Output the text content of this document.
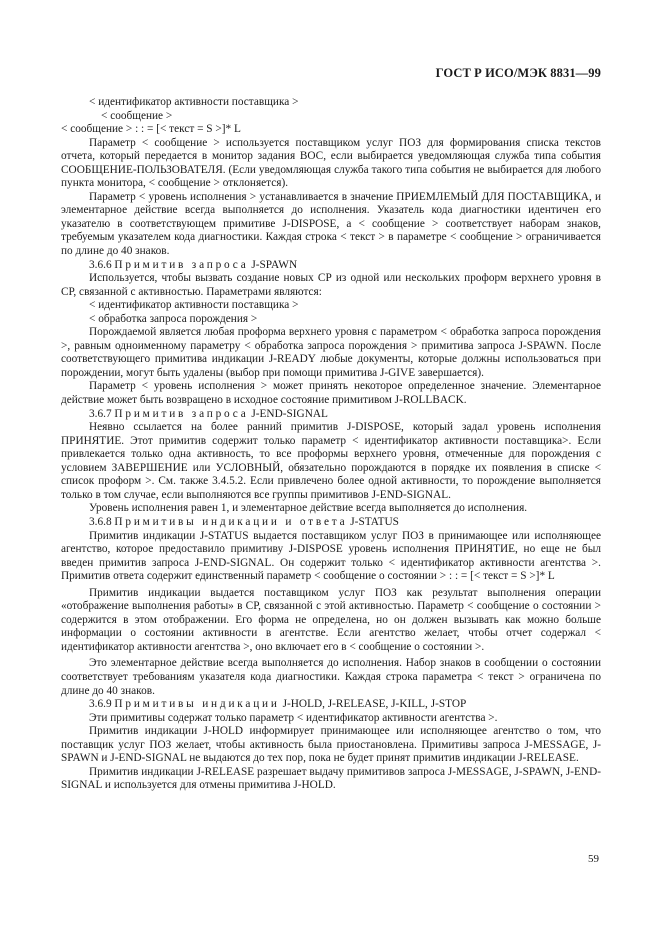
ГОСТ Р ИСО/МЭК 8831—99

< идентификатор активности поставщика >

< сообщение >

< сообщение > : : = [< текст = S >]* L

Параметр < сообщение > используется поставщиком услуг ПОЗ для формирования списка текстов отчета, который передается в монитор задания ВОС, если выбирается уведомляющая служба типа события СООБЩЕНИЕ-ПОЛЬЗОВАТЕЛЯ. (Если уведомляющая служба такого типа события не выбирается для любого пункта монитора, < сообщение > отклоняется).

Параметр < уровень исполнения > устанавливается в значение ПРИЕМЛЕМЫЙ ДЛЯ ПОСТАВЩИКА, и элементарное действие всегда выполняется до исполнения. Указатель кода диагностики идентичен его указателю в соответствующем примитиве J-DISPOSE, а < сообщение > соответствует наборам знаков, требуемым указателем кода диагностики. Каждая строка < текст > в параметре < сообщение > ограничивается по длине до 40 знаков.

3.6.6 Примитив запроса J-SPAWN

Используется, чтобы вызвать создание новых СР из одной или нескольких проформ верхнего уровня в СР, связанной с активностью. Параметрами являются:

< идентификатор активности поставщика >

< обработка запроса порождения >

Порождаемой является любая проформа верхнего уровня с параметром < обработка запроса порождения >, равным одноименному параметру < обработка запроса порождения > примитива запроса J-SPAWN. После соответствующего примитива индикации J-READY любые документы, которые должны использоваться при порождении, могут быть удалены (выбор при помощи примитива J-GIVE завершается).

Параметр < уровень исполнения > может принять некоторое определенное значение. Элементарное действие может быть возвращено в исходное состояние примитивом J-ROLLBACK.

3.6.7 Примитив запроса J-END-SIGNAL

Неявно ссылается на более ранний примитив J-DISPOSE, который задал уровень исполнения ПРИНЯТИЕ. Этот примитив содержит только параметр < идентификатор активности поставщика>. Если привлекается только одна активность, то все проформы верхнего уровня, отмеченные для порождения с условием ЗАВЕРШЕНИЕ или УСЛОВНЫЙ, обязательно порождаются в порядке их появления в списке < список проформ >. См. также 3.4.5.2. Если привлечено более одной активности, то порождение выполняется только в том случае, если выполняются все группы примитивов J-END-SIGNAL.

Уровень исполнения равен 1, и элементарное действие всегда выполняется до исполнения.

3.6.8 Примитивы индикации и ответа J-STATUS

Примитив индикации J-STATUS выдается поставщиком услуг ПОЗ в принимающее или исполняющее агентство, которое предоставило примитиву J-DISPOSE уровень исполнения ПРИНЯТИЕ, но еще не был введен примитив запроса J-END-SIGNAL. Он содержит только < идентификатор активности агентства >. Примитив ответа содержит единственный параметр < сообщение о состоянии > : : = [< текст = S >]* L

Примитив индикации выдается поставщиком услуг ПОЗ как результат выполнения операции «отображение выполнения работы» в СР, связанной с этой активностью. Параметр < сообщение о состоянии > содержится в этом отображении. Его форма не определена, но он должен вызывать как можно больше информации о состоянии активности в агентстве. Если агентство желает, чтобы отчет содержал < идентификатор активности агентства >, оно включает его в < сообщение о состоянии >.

Это элементарное действие всегда выполняется до исполнения. Набор знаков в сообщении о состоянии соответствует требованиям указателя кода диагностики. Каждая строка параметра < текст > ограничена по длине до 40 знаков.

3.6.9 Примитивы индикации J-HOLD, J-RELEASE, J-KILL, J-STOP

Эти примитивы содержат только параметр < идентификатор активности агентства >.

Примитив индикации J-HOLD информирует принимающее или исполняющее агентство о том, что поставщик услуг ПОЗ желает, чтобы активность была приостановлена. Примитивы запроса J-MESSAGE, J-SPAWN и J-END-SIGNAL не выдаются до тех пор, пока не будет принят примитив индикации J-RELEASE.

Примитив индикации J-RELEASE разрешает выдачу примитивов запроса J-MESSAGE, J-SPAWN, J-END-SIGNAL и используется для отмены примитива J-HOLD.

59
